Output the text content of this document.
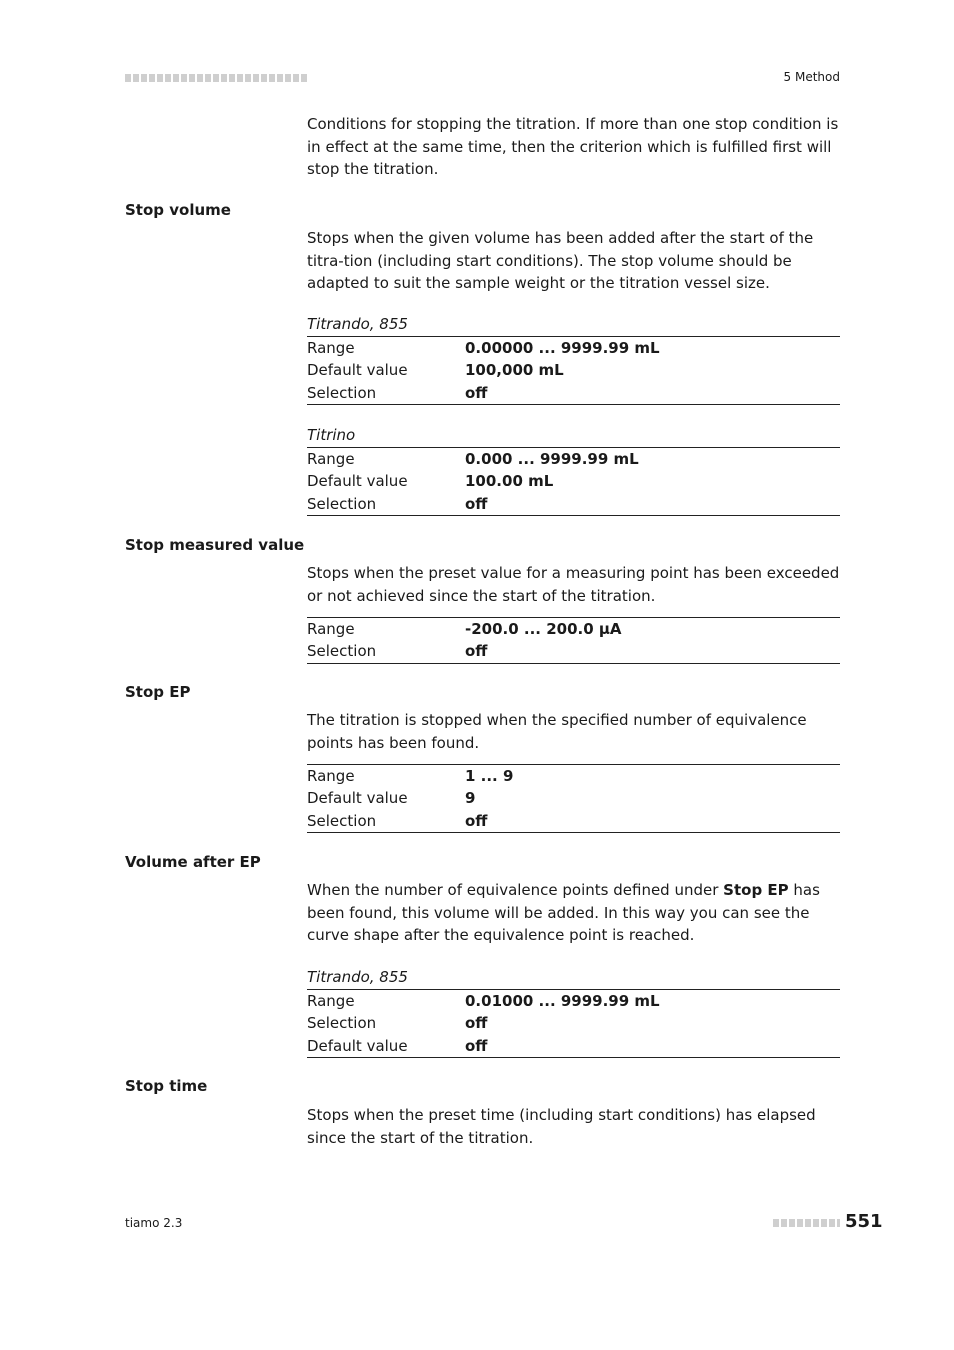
5 Method
Conditions for stopping the titration. If more than one stop condition is in effect at the same time, then the criterion which is fulfilled first will stop the titration.
Stop volume
Stops when the given volume has been added after the start of the titra-tion (including start conditions). The stop volume should be adapted to suit the sample weight or the titration vessel size.
Titrando, 855
Range	0.00000 ... 9999.99 mL
Default value	100,000 mL
Selection	off
Titrino
Range	0.000 ... 9999.99 mL
Default value	100.00 mL
Selection	off
Stop measured value
Stops when the preset value for a measuring point has been exceeded or not achieved since the start of the titration.
Range	-200.0 ... 200.0 µA
Selection	off
Stop EP
The titration is stopped when the specified number of equivalence points has been found.
Range	1 ... 9
Default value	9
Selection	off
Volume after EP
When the number of equivalence points defined under Stop EP has been found, this volume will be added. In this way you can see the curve shape after the equivalence point is reached.
Titrando, 855
Range	0.01000 ... 9999.99 mL
Selection	off
Default value	off
Stop time
Stops when the preset time (including start conditions) has elapsed since the start of the titration.
tiamo 2.3	551
